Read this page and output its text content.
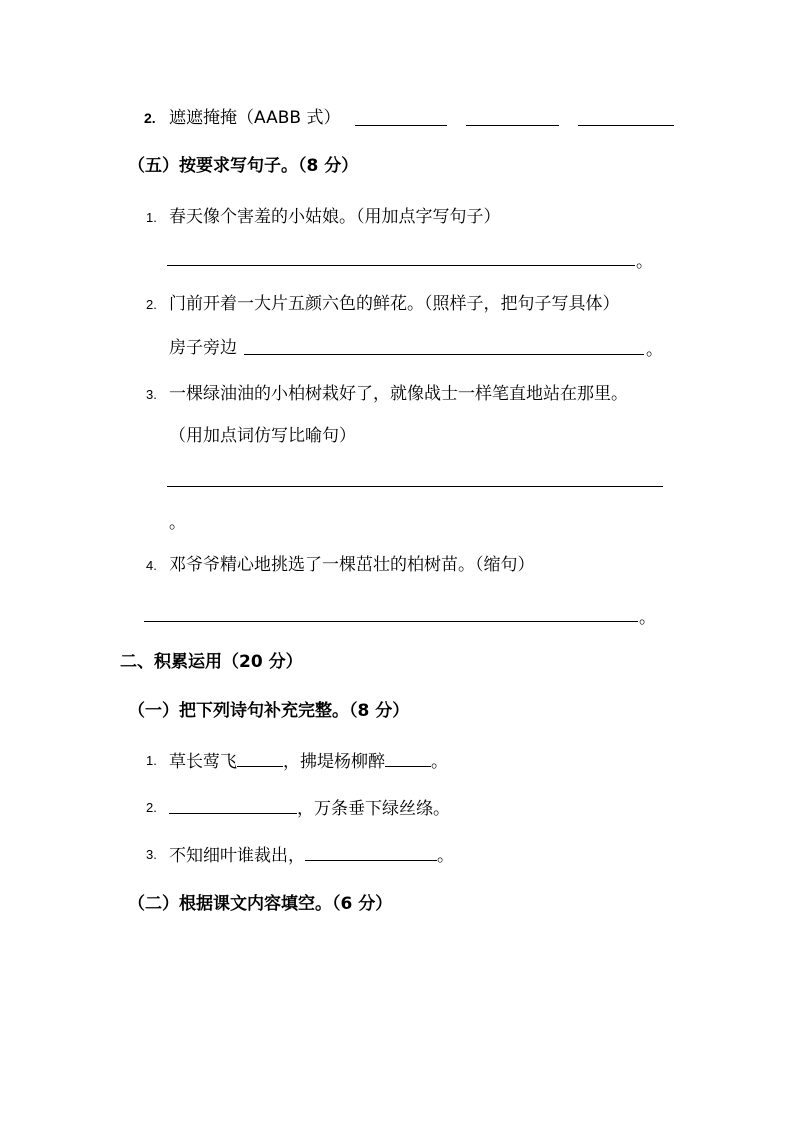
2. 遮遮掩掩（AABB 式）
（五）按要求写句子。（8 分）
1. 春天像个害羞的小姑娘。（用加点字写句子）
。
2. 门前开着一大片五颜六色的鲜花。（照样子，把句子写具体）
房子旁边	。
3. 一棵绿油油的小柏树栽好了，就像战士一样笔直地站在那里。
（用加点词仿写比喻句）
。
4. 邓爷爷精心地挑选了一棵茁壮的柏树苗。（缩句）
。
二、积累运用（20 分）
（一）把下列诗句补充完整。（8 分）
1. 草长莺飞	，拂堤杨柳醉	。
2.	，万条垂下绿丝绦。
3. 不知细叶谁裁出，	。
（二）根据课文内容填空。（6 分）
